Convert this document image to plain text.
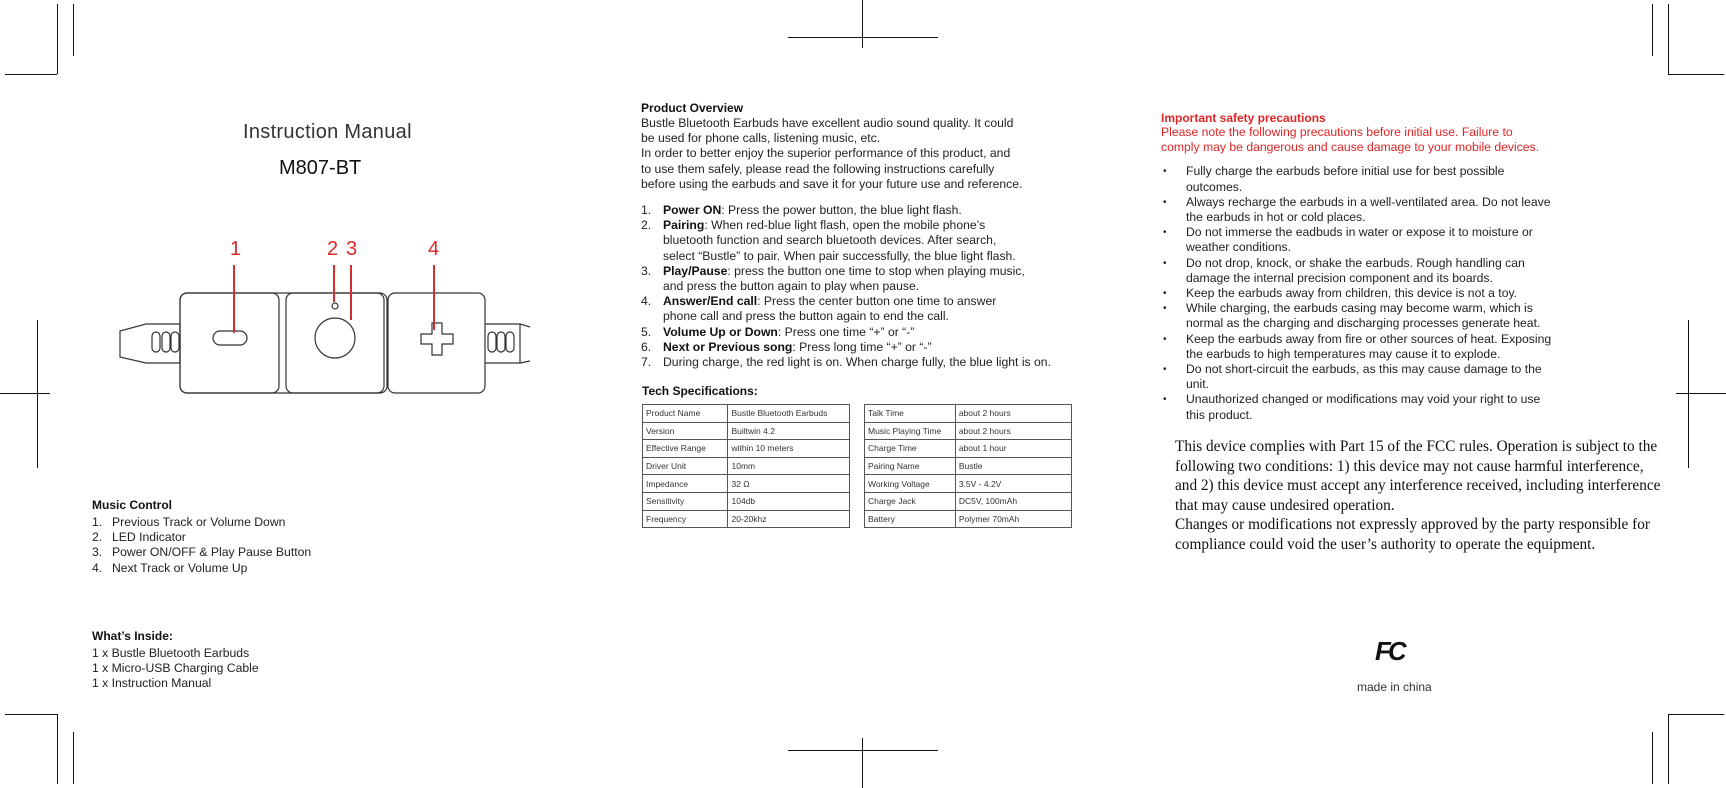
Instruction Manual
M807-BT
1	2 3	4
Music Control
1. Previous Track or Volume Down
2. LED Indicator
3. Power ON/OFF & Play Pause Button
4. Next Track or Volume Up
What’s Inside:
1 x Bustle Bluetooth Earbuds
1 x Micro-USB Charging Cable
1 x Instruction Manual
Product Overview
Bustle Bluetooth Earbuds have excellent audio sound quality. It could
be used for phone calls, listening music, etc.
In order to better enjoy the superior performance of this product, and
to use them safely, please read the following instructions carefully
before using the earbuds and save it for your future use and reference.
1. Power ON: Press the power button, the blue light flash.
2. Pairing: When red-blue light flash, open the mobile phone’s
bluetooth function and search bluetooth devices. After search,
select “Bustle” to pair. When pair successfully, the blue light flash.
3. Play/Pause: press the button one time to stop when playing music,
and press the button again to play when pause.
4. Answer/End call: Press the center button one time to answer
phone call and press the button again to end the call.
5. Volume Up or Down: Press one time “+” or “-”
6. Next or Previous song: Press long time “+” or “-”
7. During charge, the red light is on. When charge fully, the blue light is on.
Tech Specifications:
Product Name	Bustle Bluetooth Earbuds
Version	Builtwin 4.2
Effective Range	within 10 meters
Driver Unit	10mm
Impedance	32 Ω
Sensitivity	104db
Frequency	20-20khz
Talk Time	about 2 hours
Music Playing Time	about 2 hours
Charge Time	about 1 hour
Pairing Name	Bustle
Working Voltage	3.5V - 4.2V
Charge Jack	DC5V, 100mAh
Battery	Polymer 70mAh
Important safety precautions
Please note the following precautions before initial use. Failure to
comply may be dangerous and cause damage to your mobile devices.
• Fully charge the earbuds before initial use for best possible
outcomes.
• Always recharge the earbuds in a well-ventilated area. Do not leave
the earbuds in hot or cold places.
• Do not immerse the eadbuds in water or expose it to moisture or
weather conditions.
• Do not drop, knock, or shake the earbuds. Rough handling can
damage the internal precision component and its boards.
• Keep the earbuds away from children, this device is not a toy.
• While charging, the earbuds casing may become warm, which is
normal as the charging and discharging processes generate heat.
• Keep the earbuds away from fire or other sources of heat. Exposing
the earbuds to high temperatures may cause it to explode.
• Do not short-circuit the earbuds, as this may cause damage to the
unit.
• Unauthorized changed or modifications may void your right to use
this product.
This device complies with Part 15 of the FCC rules. Operation is subject to the
following two conditions: 1) this device may not cause harmful interference,
and 2) this device must accept any interference received, including interference
that may cause undesired operation.
Changes or modifications not expressly approved by the party responsible for
compliance could void the user’s authority to operate the equipment.
FC
made in china
